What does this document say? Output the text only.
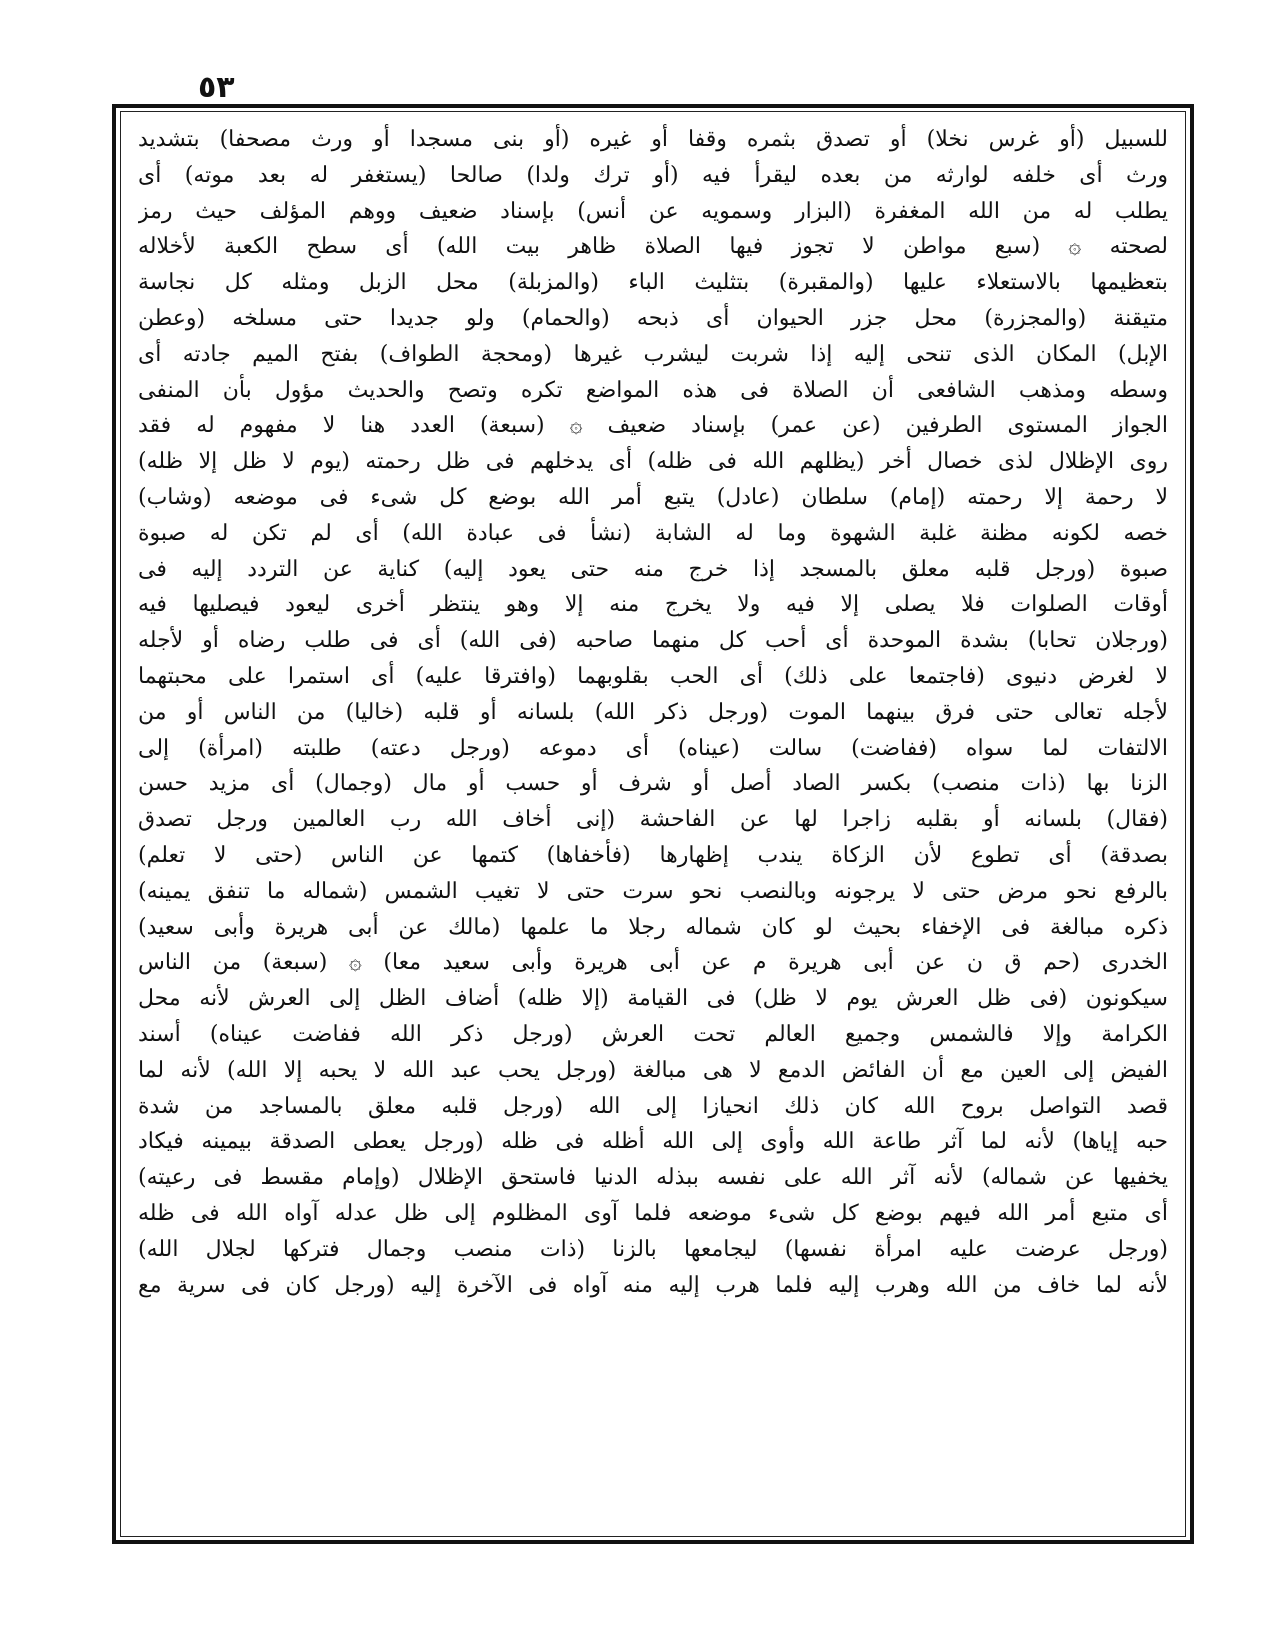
٥٣
للسبيل (أو غرس نخلا) أو تصدق بثمره وقفا أو غيره (أو بنى مسجدا أو ورث مصحفا) بتشديد
ورث أى خلفه لوارثه من بعده ليقرأ فيه (أو ترك ولدا) صالحا (يستغفر له بعد موته) أى
يطلب له من الله المغفرة (البزار وسمويه عن أنس) بإسناد ضعيف ووهم المؤلف حيث رمز
لصحته ۞ (سبع مواطن لا تجوز فيها الصلاة ظاهر بيت الله) أى سطح الكعبة لأخلاله
بتعظيمها بالاستعلاء عليها (والمقبرة) بتثليث الباء (والمزبلة) محل الزبل ومثله كل نجاسة
متيقنة (والمجزرة) محل جزر الحيوان أى ذبحه (والحمام) ولو جديدا حتى مسلخه (وعطن
الإبل) المكان الذى تنحى إليه إذا شربت ليشرب غيرها (ومحجة الطواف) بفتح الميم جادته أى
وسطه ومذهب الشافعى أن الصلاة فى هذه المواضع تكره وتصح والحديث مؤول بأن المنفى
الجواز المستوى الطرفين (عن عمر) بإسناد ضعيف ۞ (سبعة) العدد هنا لا مفهوم له فقد
روى الإظلال لذى خصال أخر (يظلهم الله فى ظله) أى يدخلهم فى ظل رحمته (يوم لا ظل إلا ظله)
لا رحمة إلا رحمته (إمام) سلطان (عادل) يتبع أمر الله بوضع كل شىء فى موضعه (وشاب)
خصه لكونه مظنة غلبة الشهوة وما له الشابة (نشأ فى عبادة الله) أى لم تكن له صبوة
صبوة (ورجل قلبه معلق بالمسجد إذا خرج منه حتى يعود إليه) كناية عن التردد إليه فى
أوقات الصلوات فلا يصلى إلا فيه ولا يخرج منه إلا وهو ينتظر أخرى ليعود فيصليها فيه
(ورجلان تحابا) بشدة الموحدة أى أحب كل منهما صاحبه (فى الله) أى فى طلب رضاه أو لأجله
لا لغرض دنيوى (فاجتمعا على ذلك) أى الحب بقلوبهما (وافترقا عليه) أى استمرا على محبتهما
لأجله تعالى حتى فرق بينهما الموت (ورجل ذكر الله) بلسانه أو قلبه (خاليا) من الناس أو من
الالتفات لما سواه (ففاضت) سالت (عيناه) أى دموعه (ورجل دعته) طلبته (امرأة) إلى
الزنا بها (ذات منصب) بكسر الصاد أصل أو شرف أو حسب أو مال (وجمال) أى مزيد حسن
(فقال) بلسانه أو بقلبه زاجرا لها عن الفاحشة (إنى أخاف الله رب العالمين ورجل تصدق
بصدقة) أى تطوع لأن الزكاة يندب إظهارها (فأخفاها) كتمها عن الناس (حتى لا تعلم)
بالرفع نحو مرض حتى لا يرجونه وبالنصب نحو سرت حتى لا تغيب الشمس (شماله ما تنفق يمينه)
ذكره مبالغة فى الإخفاء بحيث لو كان شماله رجلا ما علمها (مالك عن أبى هريرة وأبى سعيد)
الخدرى (حم ق ن عن أبى هريرة م عن أبى هريرة وأبى سعيد معا) ۞ (سبعة) من الناس
سيكونون (فى ظل العرش يوم لا ظل) فى القيامة (إلا ظله) أضاف الظل إلى العرش لأنه محل
الكرامة وإلا فالشمس وجميع العالم تحت العرش (ورجل ذكر الله ففاضت عيناه) أسند
الفيض إلى العين مع أن الفائض الدمع لا هى مبالغة (ورجل يحب عبد الله لا يحبه إلا الله) لأنه لما
قصد التواصل بروح الله كان ذلك انحيازا إلى الله (ورجل قلبه معلق بالمساجد من شدة
حبه إياها) لأنه لما آثر طاعة الله وأوى إلى الله أظله فى ظله (ورجل يعطى الصدقة بيمينه فيكاد
يخفيها عن شماله) لأنه آثر الله على نفسه ببذله الدنيا فاستحق الإظلال (وإمام مقسط فى رعيته)
أى متبع أمر الله فيهم بوضع كل شىء موضعه فلما آوى المظلوم إلى ظل عدله آواه الله فى ظله
(ورجل عرضت عليه امرأة نفسها) ليجامعها بالزنا (ذات منصب وجمال فتركها لجلال الله)
لأنه لما خاف من الله وهرب إليه فلما هرب إليه منه آواه فى الآخرة إليه (ورجل كان فى سرية مع
